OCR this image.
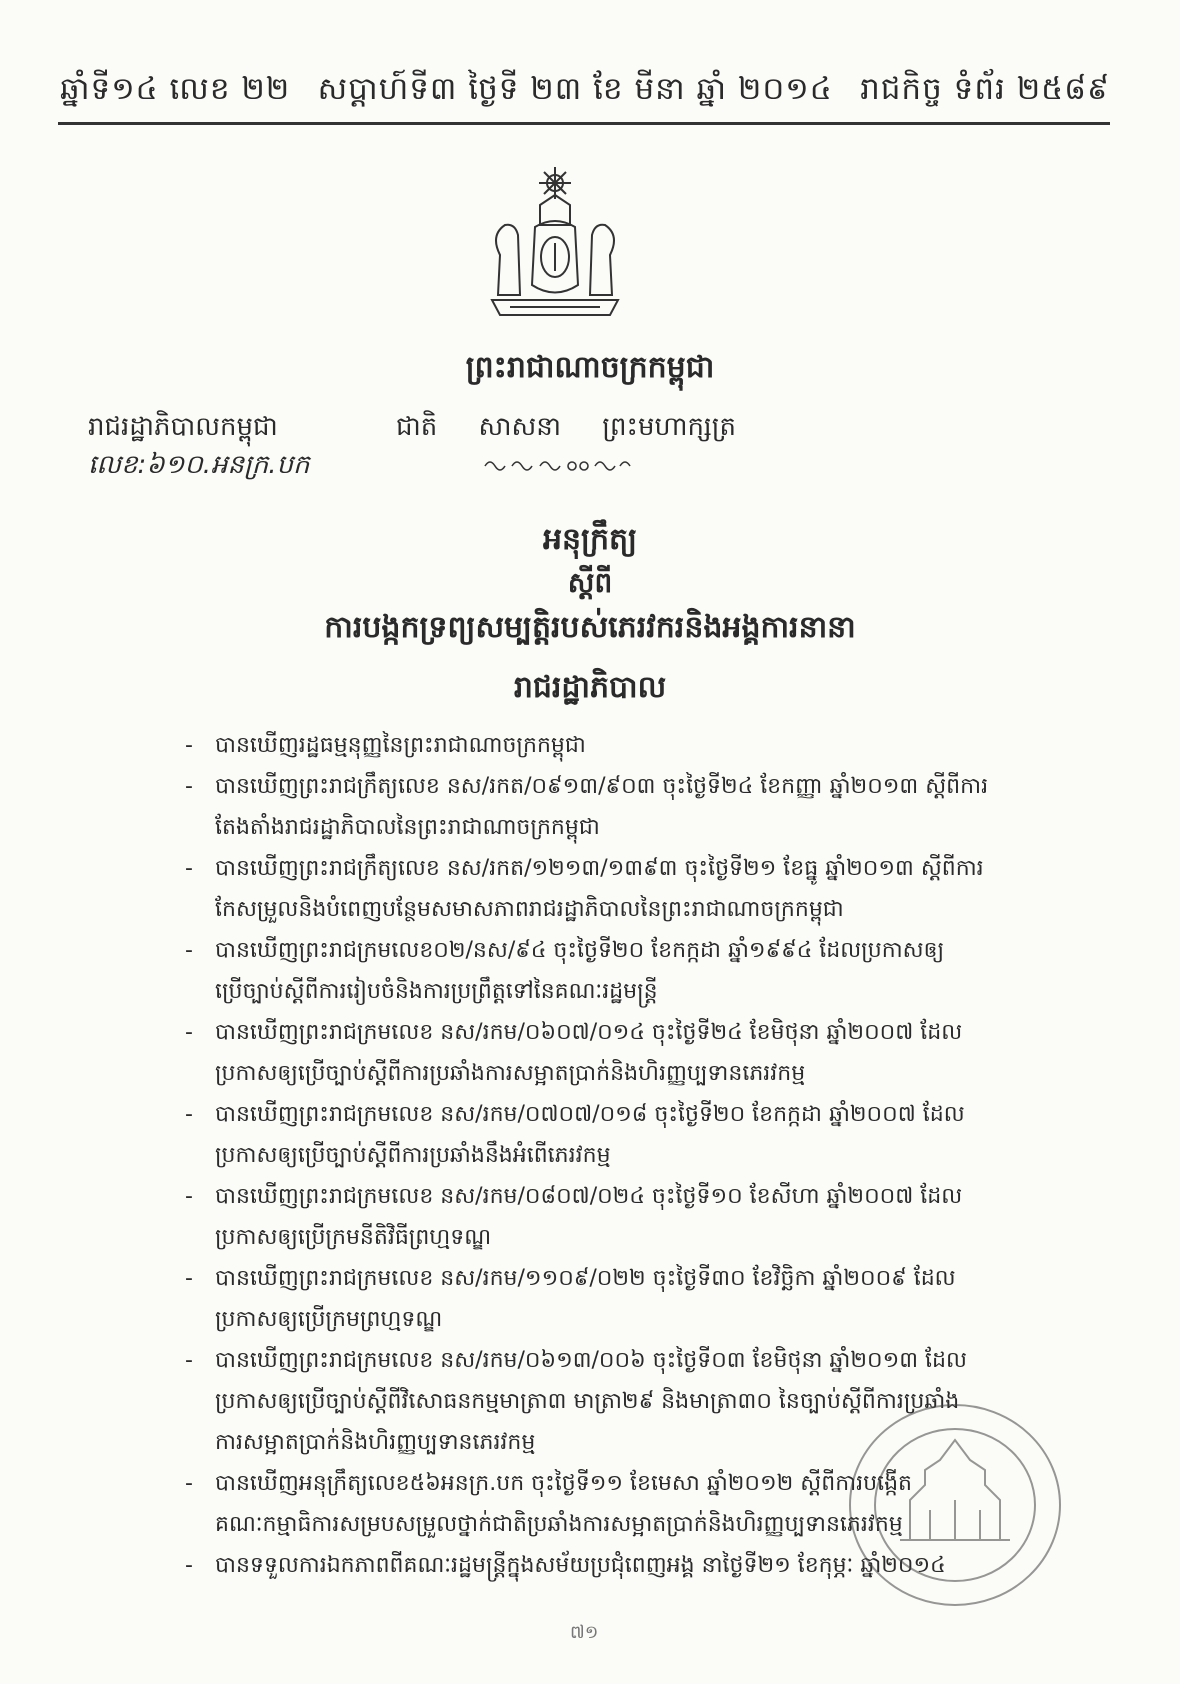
ឆ្នាំទី១៤ លេខ ២២ សប្តាហ៍ទី៣ ថ្ងៃទី ២៣ ខែ មីនា ឆ្នាំ ២០១៤ រាជកិច្ច ទំព័រ ២៥៨៩
ព្រះរាជាណាចក្រកម្ពុជា
រាជរដ្ឋាភិបាលកម្ពុជា
លេខ:៦១០.អនក្រ.បក
ជាតិ សាសនា ព្រះមហាក្សត្រ
អនុក្រឹត្យ
ស្តីពី
ការបង្កកទ្រព្យសម្បត្តិរបស់ភេរវករនិងអង្គការនានា
រាជរដ្ឋាភិបាល
- បានឃើញរដ្ឋធម្មនុញ្ញនៃព្រះរាជាណាចក្រកម្ពុជា
- បានឃើញព្រះរាជក្រឹត្យលេខ នស/រកត/០៩១៣/៩០៣ ចុះថ្ងៃទី២៤ ខែកញ្ញា ឆ្នាំ២០១៣ ស្តីពីការ
តែងតាំងរាជរដ្ឋាភិបាលនៃព្រះរាជាណាចក្រកម្ពុជា
- បានឃើញព្រះរាជក្រឹត្យលេខ នស/រកត/១២១៣/១៣៩៣ ចុះថ្ងៃទី២១ ខែធ្នូ ឆ្នាំ២០១៣ ស្តីពីការ
កែសម្រួលនិងបំពេញបន្ថែមសមាសភាពរាជរដ្ឋាភិបាលនៃព្រះរាជាណាចក្រកម្ពុជា
- បានឃើញព្រះរាជក្រមលេខ០២/នស/៩៤ ចុះថ្ងៃទី២០ ខែកក្កដា ឆ្នាំ១៩៩៤ ដែលប្រកាសឲ្យ
ប្រើច្បាប់ស្តីពីការរៀបចំនិងការប្រព្រឹត្តទៅនៃគណៈរដ្ឋមន្ត្រី
- បានឃើញព្រះរាជក្រមលេខ នស/រកម/០៦០៧/០១៤ ចុះថ្ងៃទី២៤ ខែមិថុនា ឆ្នាំ២០០៧ ដែល
ប្រកាសឲ្យប្រើច្បាប់ស្តីពីការប្រឆាំងការសម្អាតប្រាក់និងហិរញ្ញប្បទានភេរវកម្ម
- បានឃើញព្រះរាជក្រមលេខ នស/រកម/០៧០៧/០១៨ ចុះថ្ងៃទី២០ ខែកក្កដា ឆ្នាំ២០០៧ ដែល
ប្រកាសឲ្យប្រើច្បាប់ស្តីពីការប្រឆាំងនឹងអំពើភេរវកម្ម
- បានឃើញព្រះរាជក្រមលេខ នស/រកម/០៨០៧/០២៤ ចុះថ្ងៃទី១០ ខែសីហា ឆ្នាំ២០០៧ ដែល
ប្រកាសឲ្យប្រើក្រមនីតិវិធីព្រហ្មទណ្ឌ
- បានឃើញព្រះរាជក្រមលេខ នស/រកម/១១០៩/០២២ ចុះថ្ងៃទី៣០ ខែវិច្ឆិកា ឆ្នាំ២០០៩ ដែល
ប្រកាសឲ្យប្រើក្រមព្រហ្មទណ្ឌ
- បានឃើញព្រះរាជក្រមលេខ នស/រកម/០៦១៣/០០៦ ចុះថ្ងៃទី០៣ ខែមិថុនា ឆ្នាំ២០១៣ ដែល
ប្រកាសឲ្យប្រើច្បាប់ស្តីពីវិសោធនកម្មមាត្រា៣ មាត្រា២៩ និងមាត្រា៣០ នៃច្បាប់ស្តីពីការប្រឆាំង
ការសម្អាតប្រាក់និងហិរញ្ញប្បទានភេរវកម្ម
- បានឃើញអនុក្រឹត្យលេខ៥៦អនក្រ.បក ចុះថ្ងៃទី១១ ខែមេសា ឆ្នាំ២០១២ ស្តីពីការបង្កើត
គណៈកម្មាធិការសម្របសម្រួលថ្នាក់ជាតិប្រឆាំងការសម្អាតប្រាក់និងហិរញ្ញប្បទានភេរវកម្ម
- បានទទួលការឯកភាពពីគណៈរដ្ឋមន្ត្រីក្នុងសម័យប្រជុំពេញអង្គ នាថ្ងៃទី២១ ខែកុម្ភៈ ឆ្នាំ២០១៤
៧១
